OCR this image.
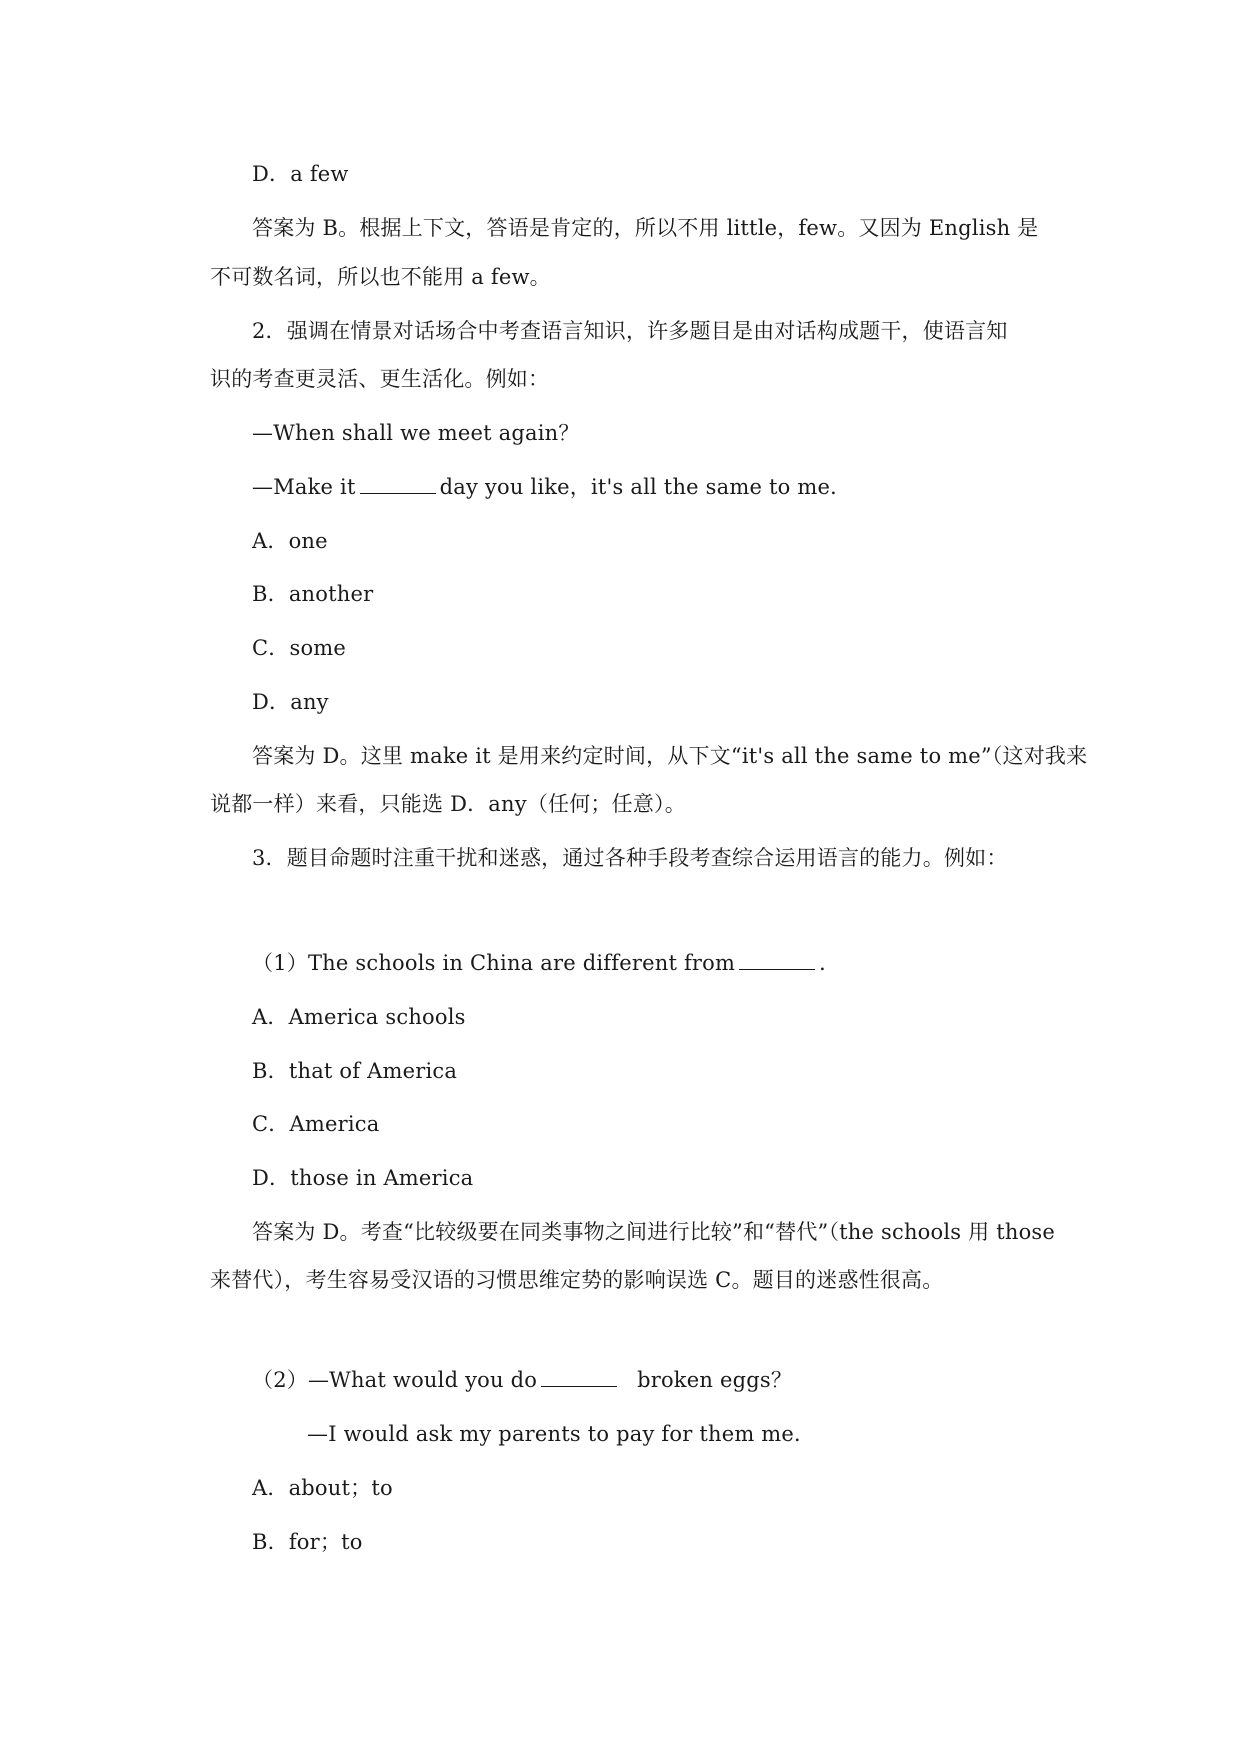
D．a few
答案为 B。根据上下文，答语是肯定的，所以不用 little，few。又因为 English 是
不可数名词，所以也不能用 a few。
2．强调在情景对话场合中考查语言知识，许多题目是由对话构成题干，使语言知
识的考查更灵活、更生活化。例如：
—When shall we meet again？
—Make it	day you like，it's all the same to me．
A．one
B．another
C．some
D．any
答案为 D。这里 make it 是用来约定时间，从下文“it's all the same to me”（这对我来
说都一样）来看，只能选 D．any（任何；任意）。
3．题目命题时注重干扰和迷惑，通过各种手段考查综合运用语言的能力。例如：
（1）The schools in China are different from	．
A．America schools
B．that of America
C．America
D．those in America
答案为 D。考查“比较级要在同类事物之间进行比较”和“替代”（the schools 用 those
来替代），考生容易受汉语的习惯思维定势的影响误选 C。题目的迷惑性很高。
（2）—What would you do	broken eggs？
—I would ask my parents to pay for them me．
A．about；to
B．for；to
